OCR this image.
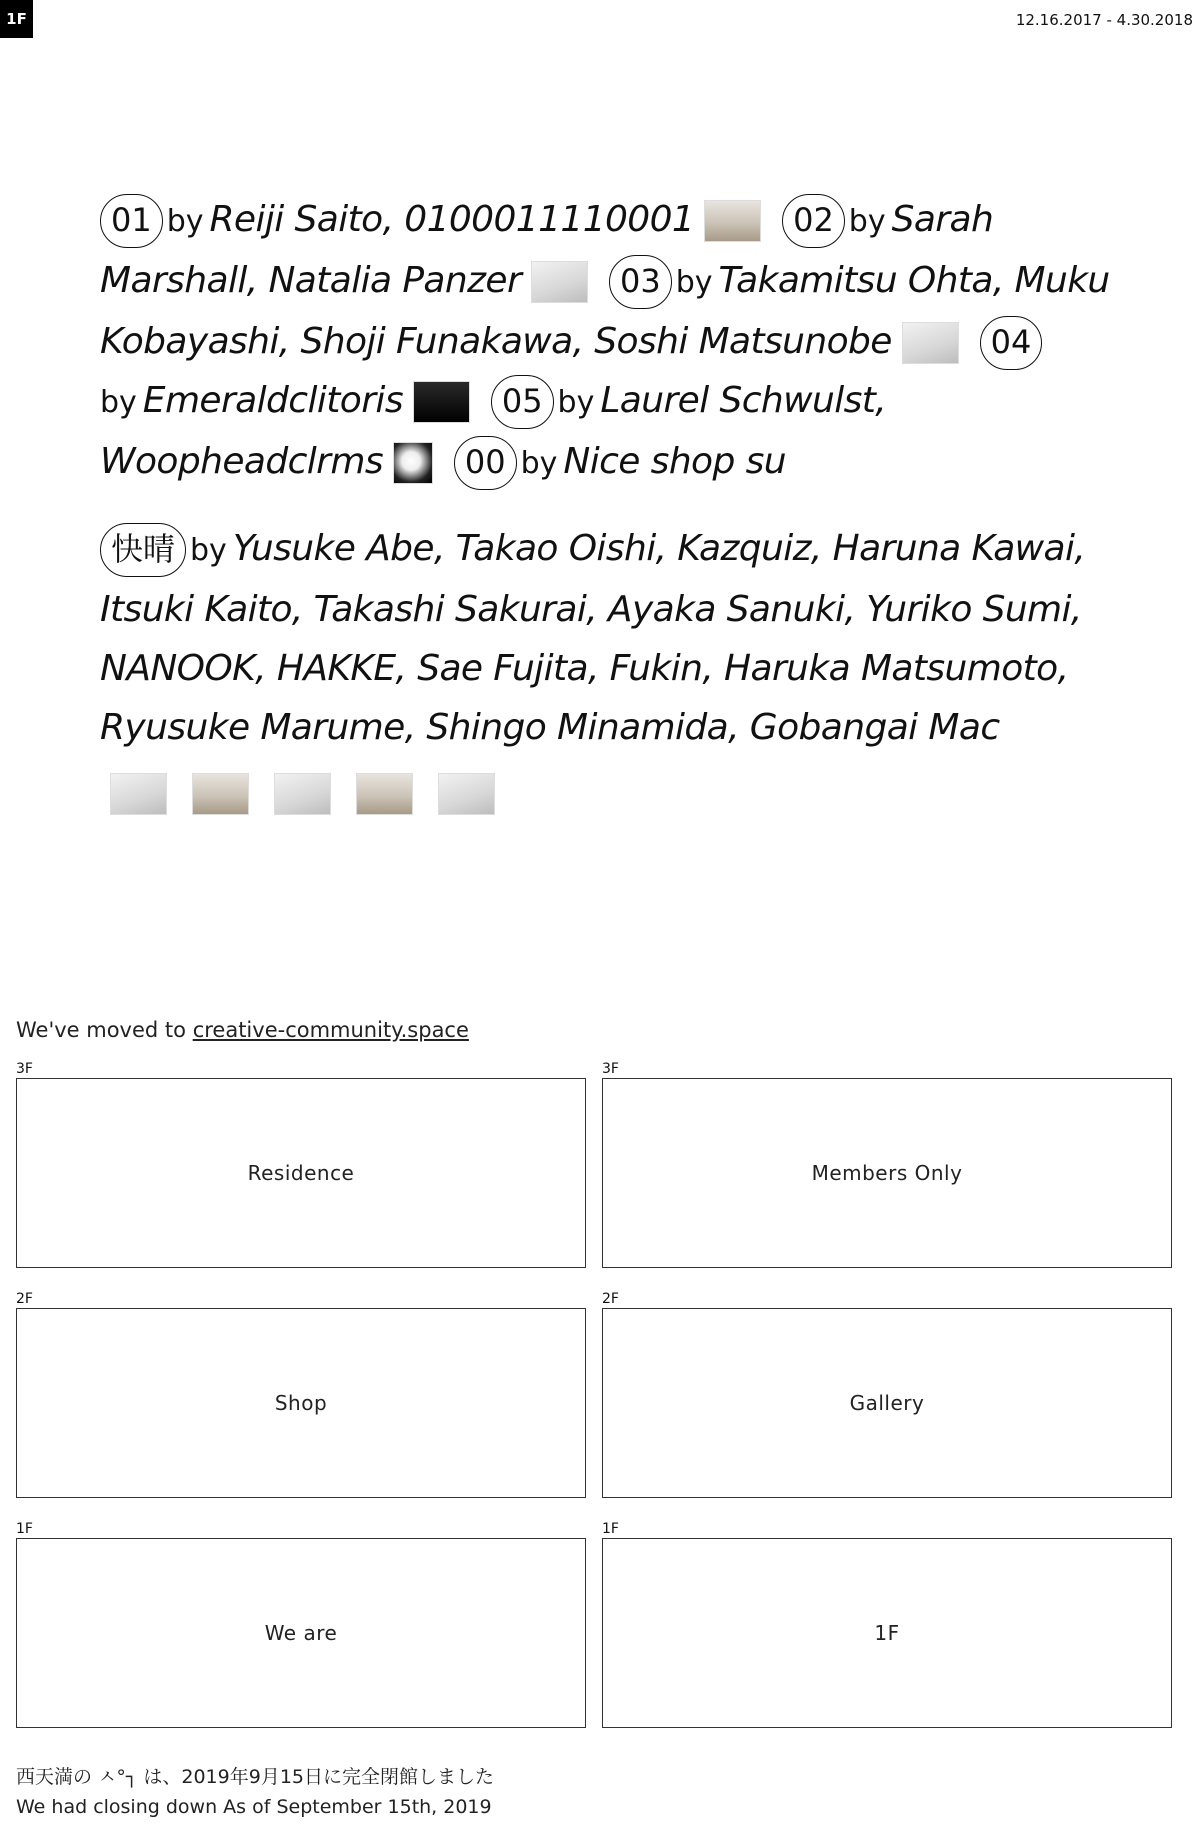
1F	12.16.2017 - 4.30.2018

01 by Reiji Saito, 0100011110001	02 by Sarah Marshall, Natalia Panzer	03 by Takamitsu Ohta, Muku Kobayashi, Shoji Funakawa, Soshi Matsunobe	04by Emeraldclitoris	05 by Laurel Schwulst, Woopheadclrms	00 by Nice shop su

快晴 by Yusuke Abe, Takao Oishi, Kazquiz, Haruna Kawai, Itsuki Kaito, Takashi Sakurai, Ayaka Sanuki, Yuriko Sumi, NANOOK, HAKKE, Sae Fujita, Fukin, Haruka Matsumoto, Ryusuke Marume, Shingo Minamida, Gobangai Mac

We've moved to creative-community.space
3F
Residence
3F
Members Only
2F
Shop
2F
Gallery
1F
We are
1F
1F
西天満の ㅅ°┐ は、2019年9月15日に完全閉館しました
We had closing down As of September 15th, 2019
